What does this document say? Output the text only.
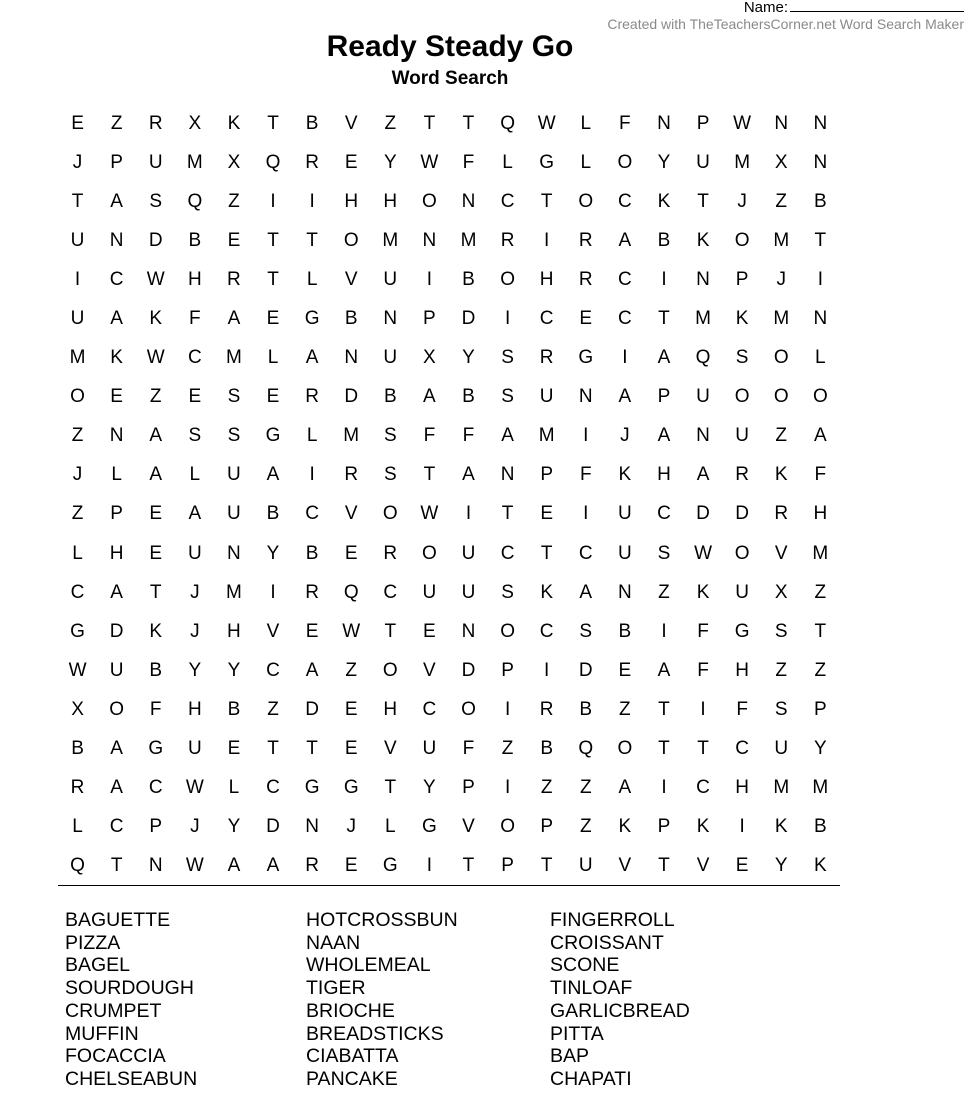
Name:
Created with TheTeachersCorner.net Word Search Maker
Ready Steady Go
Word Search
E	Z	R	X	K	T	B	V	Z	T	T	Q	W	L	F	N	P	W	N	N
J	P	U	M	X	Q	R	E	Y	W	F	L	G	L	O	Y	U	M	X	N
T	A	S	Q	Z	I	I	H	H	O	N	C	T	O	C	K	T	J	Z	B
U	N	D	B	E	T	T	O	M	N	M	R	I	R	A	B	K	O	M	T
I	C	W	H	R	T	L	V	U	I	B	O	H	R	C	I	N	P	J	I
U	A	K	F	A	E	G	B	N	P	D	I	C	E	C	T	M	K	M	N
M	K	W	C	M	L	A	N	U	X	Y	S	R	G	I	A	Q	S	O	L
O	E	Z	E	S	E	R	D	B	A	B	S	U	N	A	P	U	O	O	O
Z	N	A	S	S	G	L	M	S	F	F	A	M	I	J	A	N	U	Z	A
J	L	A	L	U	A	I	R	S	T	A	N	P	F	K	H	A	R	K	F
Z	P	E	A	U	B	C	V	O	W	I	T	E	I	U	C	D	D	R	H
L	H	E	U	N	Y	B	E	R	O	U	C	T	C	U	S	W	O	V	M
C	A	T	J	M	I	R	Q	C	U	U	S	K	A	N	Z	K	U	X	Z
G	D	K	J	H	V	E	W	T	E	N	O	C	S	B	I	F	G	S	T
W	U	B	Y	Y	C	A	Z	O	V	D	P	I	D	E	A	F	H	Z	Z
X	O	F	H	B	Z	D	E	H	C	O	I	R	B	Z	T	I	F	S	P
B	A	G	U	E	T	T	E	V	U	F	Z	B	Q	O	T	T	C	U	Y
R	A	C	W	L	C	G	G	T	Y	P	I	Z	Z	A	I	C	H	M	M
L	C	P	J	Y	D	N	J	L	G	V	O	P	Z	K	P	K	I	K	B
Q	T	N	W	A	A	R	E	G	I	T	P	T	U	V	T	V	E	Y	K
BAGUETTE
PIZZA
BAGEL
SOURDOUGH
CRUMPET
MUFFIN
FOCACCIA
CHELSEABUN
HOTCROSSBUN
NAAN
WHOLEMEAL
TIGER
BRIOCHE
BREADSTICKS
CIABATTA
PANCAKE
FINGERROLL
CROISSANT
SCONE
TINLOAF
GARLICBREAD
PITTA
BAP
CHAPATI
